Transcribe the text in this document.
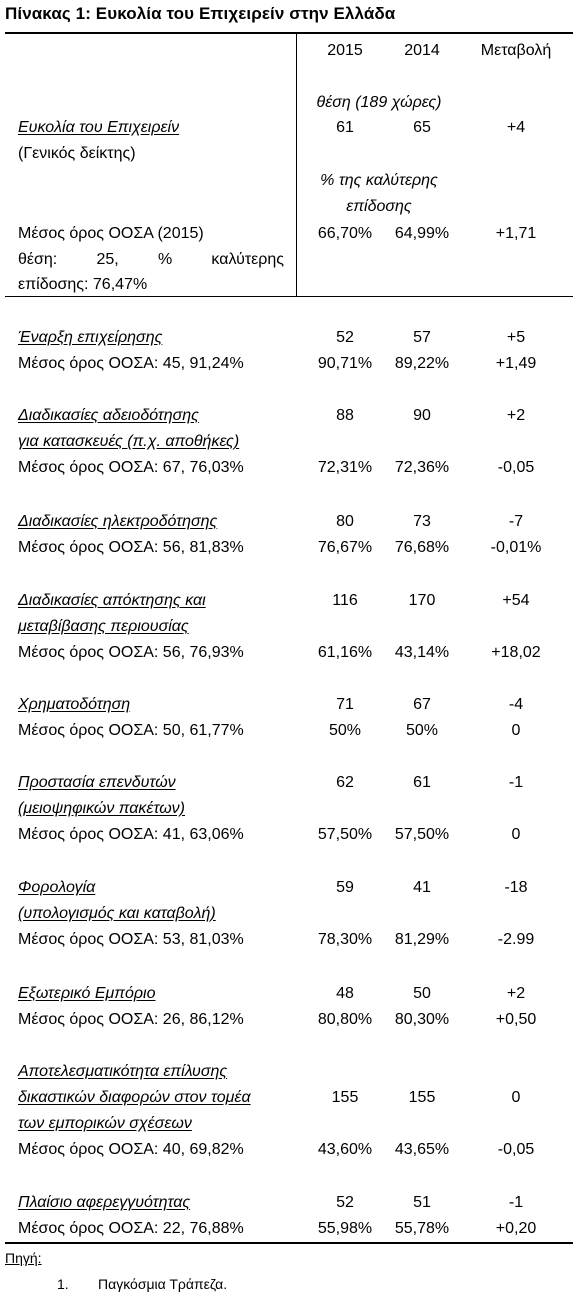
Πίνακας 1: Ευκολία του Επιχειρείν στην Ελλάδα
2015	2014	Μεταβολή
θέση (189 χώρες)
Ευκολία του Επιχειρείν
(Γενικός δείκτης)
61	65	+4
% της καλύτερης
επίδοσης
Μέσος όρος ΟΟΣΑ (2015)	66,70%	64,99%	+1,71
θέση: 25, % καλύτερης
επίδοσης: 76,47%
Έναρξη επιχείρησης	52	57	+5
Μέσος όρος ΟΟΣΑ: 45, 91,24%	90,71%	89,22%	+1,49
Διαδικασίες αδειοδότησης
για κατασκευές (π.χ. αποθήκες)
88	90	+2
Μέσος όρος ΟΟΣΑ: 67, 76,03%	72,31%	72,36%	-0,05
Διαδικασίες ηλεκτροδότησης	80	73	-7
Μέσος όρος ΟΟΣΑ: 56, 81,83%	76,67%	76,68%	-0,01%
Διαδικασίες απόκτησης και
μεταβίβασης περιουσίας
116	170	+54
Μέσος όρος ΟΟΣΑ: 56, 76,93%	61,16%	43,14%	+18,02
Χρηματοδότηση	71	67	-4
Μέσος όρος ΟΟΣΑ: 50, 61,77%	50%	50%	0
Προστασία επενδυτών
(μειοψηφικών πακέτων)
62	61	-1
Μέσος όρος ΟΟΣΑ: 41, 63,06%	57,50%	57,50%	0
Φορολογία
(υπολογισμός και καταβολή)
59	41	-18
Μέσος όρος ΟΟΣΑ: 53, 81,03%	78,30%	81,29%	-2.99
Εξωτερικό Εμπόριο	48	50	+2
Μέσος όρος ΟΟΣΑ: 26, 86,12%	80,80%	80,30%	+0,50
Αποτελεσματικότητα επίλυσης
δικαστικών διαφορών στον τομέα
των εμπορικών σχέσεων
155	155	0
Μέσος όρος ΟΟΣΑ: 40, 69,82%	43,60%	43,65%	-0,05
Πλαίσιο αφερεγγυότητας	52	51	-1
Μέσος όρος ΟΟΣΑ: 22, 76,88%	55,98%	55,78%	+0,20
Πηγή:
1. Παγκόσμια Τράπεζα.
